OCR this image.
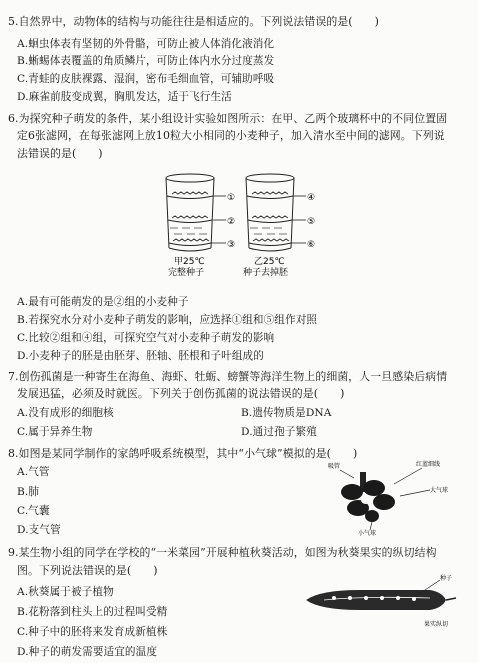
5.自然界中，动物体的结构与功能往往是相适应的。下列说法错误的是(　　)
A.蛔虫体表有坚韧的外骨骼，可防止被人体消化液消化
B.蜥蜴体表覆盖的角质鳞片，可防止体内水分过度蒸发
C.青蛙的皮肤裸露、湿润，密布毛细血管，可辅助呼吸
D.麻雀前肢变成翼，胸肌发达，适于飞行生活
6.为探究种子萌发的条件，某小组设计实验如图所示：在甲、乙两个玻璃杯中的不同位置固
定6张滤网，在每张滤网上放10粒大小相同的小麦种子，加入清水至中间的滤网。下列说
法错误的是(　　)
①
②
③
④
⑤
⑥
甲25℃
完整种子
乙25℃
种子去掉胚
A.最有可能萌发的是②组的小麦种子
B.若探究水分对小麦种子萌发的影响，应选择①组和⑤组作对照
C.比较②组和④组，可探究空气对小麦种子萌发的影响
D.小麦种子的胚是由胚芽、胚轴、胚根和子叶组成的
7.创伤孤菌是一种寄生在海鱼、海虾、牡蛎、螃蟹等海洋生物上的细菌，人一旦感染后病情
发展迅猛，必须及时就医。下列关于创伤孤菌的说法错误的是(　　)
A.没有成形的细胞核	B.遗传物质是DNA
C.属于异养生物	D.通过孢子繁殖
8.如图是某同学制作的家鸽呼吸系统模型，其中“小气球”模拟的是(　　)
A.气管
B.肺
C.气囊
D.支气管
吸管	红蓝细线
大气球
小气球
9.某生物小组的同学在学校的“一米菜园”开展种植秋葵活动，如图为秋葵果实的纵切结构
图。下列说法错误的是(　　)
A.秋葵属于被子植物
B.花粉落到柱头上的过程叫受精
C.种子中的胚将来发育成新植株
D.种子的萌发需要适宜的温度
种子
果实纵切
